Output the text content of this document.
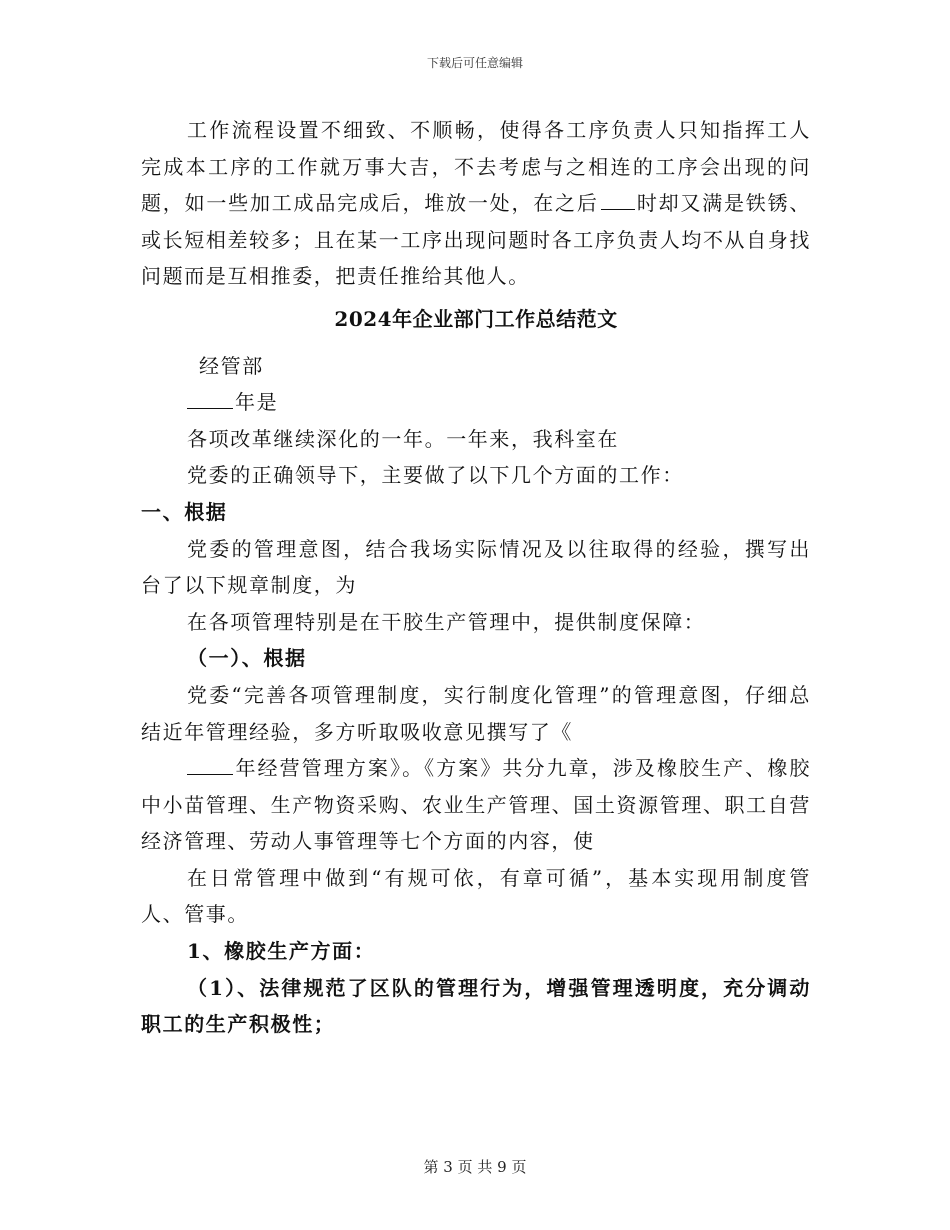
下载后可任意编辑

工作流程设置不细致、不顺畅，使得各工序负责人只知指挥工人完成本工序的工作就万事大吉，不去考虑与之相连的工序会出现的问题，如一些加工成品完成后，堆放一处，在之后 时却又满是铁锈、或长短相差较多；且在某一工序出现问题时各工序负责人均不从自身找问题而是互相推委，把责任推给其他人。

2024年企业部门工作总结范文

经管部

年是

各项改革继续深化的一年。一年来，我科室在

党委的正确领导下，主要做了以下几个方面的工作：

一、根据

党委的管理意图，结合我场实际情况及以往取得的经验，撰写出台了以下规章制度，为

在各项管理特别是在干胶生产管理中，提供制度保障：

（一）、根据

党委“完善各项管理制度，实行制度化管理”的管理意图，仔细总结近年管理经验，多方听取吸收意见撰写了《

年经营管理方案》。《方案》共分九章，涉及橡胶生产、橡胶中小苗管理、生产物资采购、农业生产管理、国土资源管理、职工自营经济管理、劳动人事管理等七个方面的内容，使

在日常管理中做到“有规可依，有章可循”，基本实现用制度管人、管事。

1、橡胶生产方面：

（1）、法律规范了区队的管理行为，增强管理透明度，充分调动职工的生产积极性；

第 3 页 共 9 页
